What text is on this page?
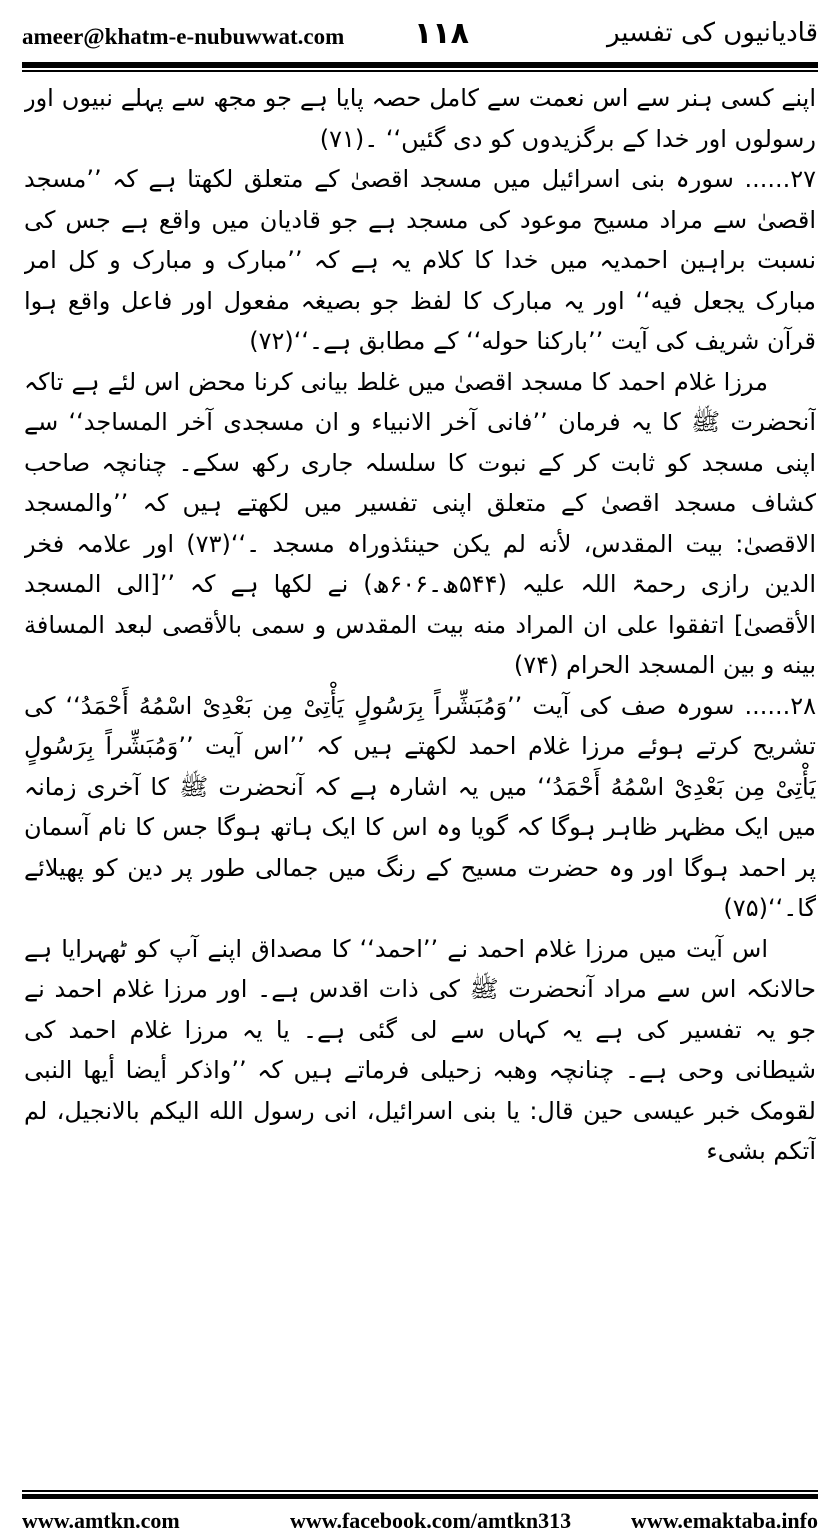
ameer@khatm-e-nubuwwat.com ١١٨	قادیانیوں کی تفسیر

اپنے کسی ہنر سے اس نعمت سے کامل حصہ پایا ہے جو مجھ سے پہلے نبیوں اور رسولوں اور خدا کے برگزیدوں کو دی گئیں‘‘ ۔(۷۱)

۲۷...... سورہ بنی اسرائیل میں مسجد اقصیٰ کے متعلق لکھتا ہے کہ ’’مسجد اقصیٰ سے مراد مسیح موعود کی مسجد ہے جو قادیان میں واقع ہے جس کی نسبت براہین احمدیہ میں خدا کا کلام یہ ہے کہ ’’مبارک و مبارک و کل امر مبارک یجعل فیه‘‘ اور یہ مبارک کا لفظ جو بصیغہ مفعول اور فاعل واقع ہوا قرآن شریف کی آیت ’’بارکنا حوله‘‘ کے مطابق ہے۔‘‘(۷۲)

مرزا غلام احمد کا مسجد اقصیٰ میں غلط بیانی کرنا محض اس لئے ہے تاکہ آنحضرت ﷺ کا یہ فرمان ’’فانی آخر الانبیاء و ان مسجدی آخر المساجد‘‘ سے اپنی مسجد کو ثابت کر کے نبوت کا سلسلہ جاری رکھ سکے۔ چنانچہ صاحب کشاف مسجد اقصیٰ کے متعلق اپنی تفسیر میں لکھتے ہیں کہ ’’والمسجد الاقصیٰ: بیت المقدس، لأنه لم یکن حینئذوراہ مسجد ۔‘‘(۷۳) اور علامہ فخر الدین رازی رحمۃ اللہ علیہ (۵۴۴ھ۔۶۰۶ھ) نے لکھا ہے کہ ’’[الی المسجد الأقصیٰ] اتفقوا علی ان المراد منه بیت المقدس و سمی بالأقصی لبعد المسافة بینه و بین المسجد الحرام (۷۴)

۲۸...... سورہ صف کی آیت ’’وَمُبَشِّراً بِرَسُولٍ یَأْتِیْ مِن بَعْدِیْ اسْمُهُ أَحْمَدُ‘‘ کی تشریح کرتے ہوئے مرزا غلام احمد لکھتے ہیں کہ ’’اس آیت ’’وَمُبَشِّراً بِرَسُولٍ یَأْتِیْ مِن بَعْدِیْ اسْمُهُ أَحْمَدُ‘‘ میں یہ اشارہ ہے کہ آنحضرت ﷺ کا آخری زمانہ میں ایک مظہر ظاہر ہوگا کہ گویا وہ اس کا ایک ہاتھ ہوگا جس کا نام آسمان پر احمد ہوگا اور وہ حضرت مسیح کے رنگ میں جمالی طور پر دین کو پھیلائے گا۔‘‘(۷۵)

اس آیت میں مرزا غلام احمد نے ’’احمد‘‘ کا مصداق اپنے آپ کو ٹھہرایا ہے حالانکہ اس سے مراد آنحضرت ﷺ کی ذات اقدس ہے۔ اور مرزا غلام احمد نے جو یہ تفسیر کی ہے یہ کہاں سے لی گئی ہے۔ یا یہ مرزا غلام احمد کی شیطانی وحی ہے۔ چنانچہ وهبہ زحیلی فرماتے ہیں کہ ’’واذکر أیضا أیها النبی لقومک خبر عیسی حین قال: یا بنی اسرائیل، انی رسول الله الیکم بالانجیل، لم آتکم بشیء

www.amtkn.com	www.facebook.com/amtkn313	www.emaktaba.info
